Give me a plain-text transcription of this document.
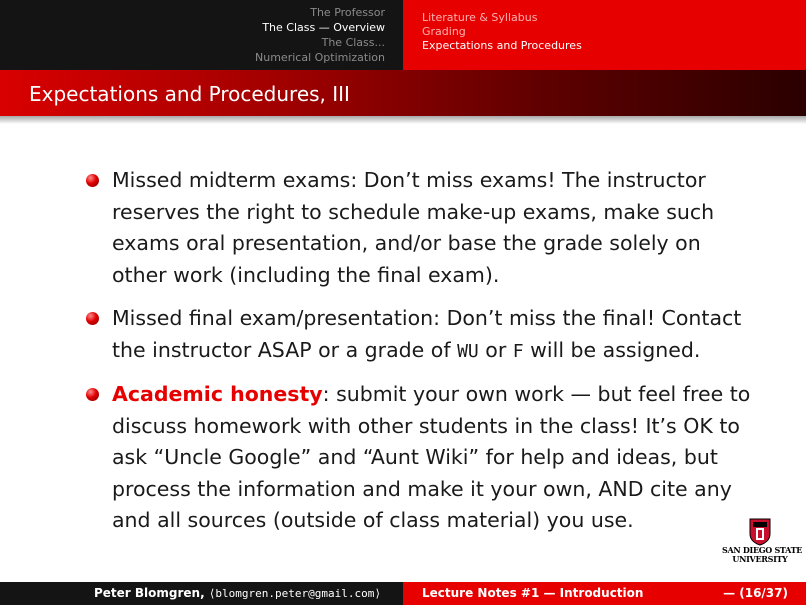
The Professor
The Class — Overview
The Class...
Numerical Optimization
Literature & Syllabus
Grading
Expectations and Procedures
Expectations and Procedures, III
Missed midterm exams: Don’t miss exams! The instructor reserves the right to schedule make-up exams, make such exams oral presentation, and/or base the grade solely on other work (including the final exam).
Missed final exam/presentation: Don’t miss the final! Contact the instructor ASAP or a grade of WU or F will be assigned.
Academic honesty: submit your own work — but feel free to discuss homework with other students in the class! It’s OK to ask “Uncle Google” and “Aunt Wiki” for help and ideas, but process the information and make it your own, AND cite any and all sources (outside of class material) you use.
SAN DIEGO STATE
UNIVERSITY
Peter Blomgren, ⟨blomgren.peter@gmail.com⟩	Lecture Notes #1 — Introduction	— (16/37)
